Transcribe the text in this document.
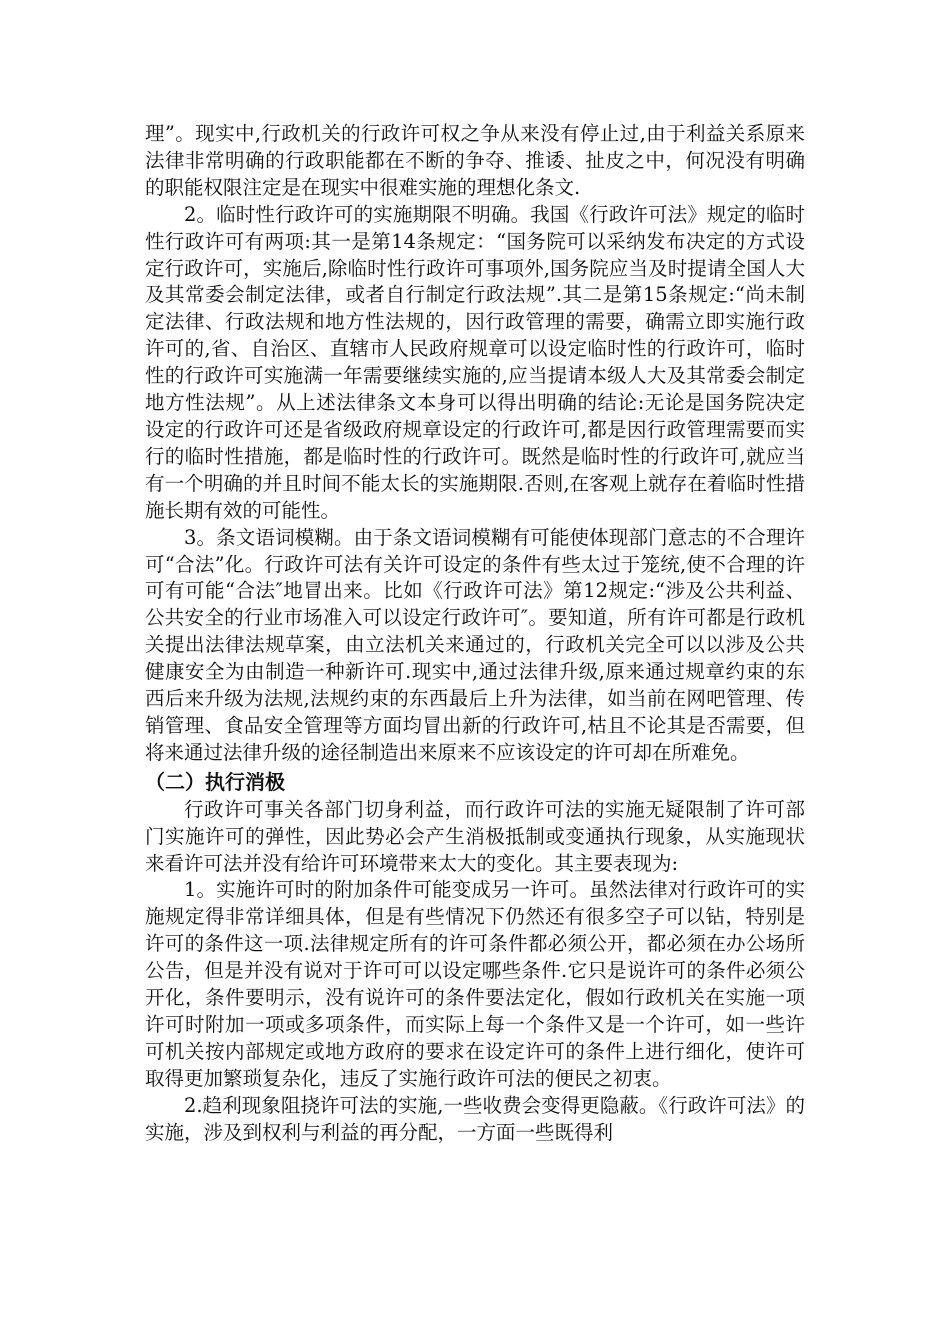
理”。现实中,行政机关的行政许可权之争从来没有停止过,由于利益关系原来法律非常明确的行政职能都在不断的争夺、推诿、扯皮之中，何况没有明确的职能权限注定是在现实中很难实施的理想化条文.

2。临时性行政许可的实施期限不明确。我国《行政许可法》规定的临时性行政许可有两项:其一是第14条规定：“国务院可以采纳发布决定的方式设定行政许可，实施后,除临时性行政许可事项外,国务院应当及时提请全国人大及其常委会制定法律，或者自行制定行政法规”.其二是第15条规定:“尚未制定法律、行政法规和地方性法规的，因行政管理的需要，确需立即实施行政许可的,省、自治区、直辖市人民政府规章可以设定临时性的行政许可，临时性的行政许可实施满一年需要继续实施的,应当提请本级人大及其常委会制定地方性法规”。从上述法律条文本身可以得出明确的结论:无论是国务院决定设定的行政许可还是省级政府规章设定的行政许可,都是因行政管理需要而实行的临时性措施，都是临时性的行政许可。既然是临时性的行政许可,就应当有一个明确的并且时间不能太长的实施期限.否则,在客观上就存在着临时性措施长期有效的可能性。

3。条文语词模糊。由于条文语词模糊有可能使体现部门意志的不合理许可“合法”化。行政许可法有关许可设定的条件有些太过于笼统,使不合理的许可有可能“合法″地冒出来。比如《行政许可法》第12规定:“涉及公共利益、公共安全的行业市场准入可以设定行政许可″。要知道，所有许可都是行政机关提出法律法规草案，由立法机关来通过的，行政机关完全可以以涉及公共健康安全为由制造一种新许可.现实中,通过法律升级,原来通过规章约束的东西后来升级为法规,法规约束的东西最后上升为法律，如当前在网吧管理、传销管理、食品安全管理等方面均冒出新的行政许可,枯且不论其是否需要，但将来通过法律升级的途径制造出来原来不应该设定的许可却在所难免。

（二）执行消极

行政许可事关各部门切身利益，而行政许可法的实施无疑限制了许可部门实施许可的弹性，因此势必会产生消极抵制或变通执行现象，从实施现状来看许可法并没有给许可环境带来太大的变化。其主要表现为:

1。实施许可时的附加条件可能变成另一许可。虽然法律对行政许可的实施规定得非常详细具体，但是有些情况下仍然还有很多空子可以钻，特别是许可的条件这一项.法律规定所有的许可条件都必须公开，都必须在办公场所公告，但是并没有说对于许可可以设定哪些条件.它只是说许可的条件必须公开化，条件要明示，没有说许可的条件要法定化，假如行政机关在实施一项许可时附加一项或多项条件，而实际上每一个条件又是一个许可，如一些许可机关按内部规定或地方政府的要求在设定许可的条件上进行细化，使许可取得更加繁琐复杂化，违反了实施行政许可法的便民之初衷。

2.趋利现象阻挠许可法的实施,一些收费会变得更隐蔽。《行政许可法》的实施，涉及到权利与利益的再分配，一方面一些既得利
